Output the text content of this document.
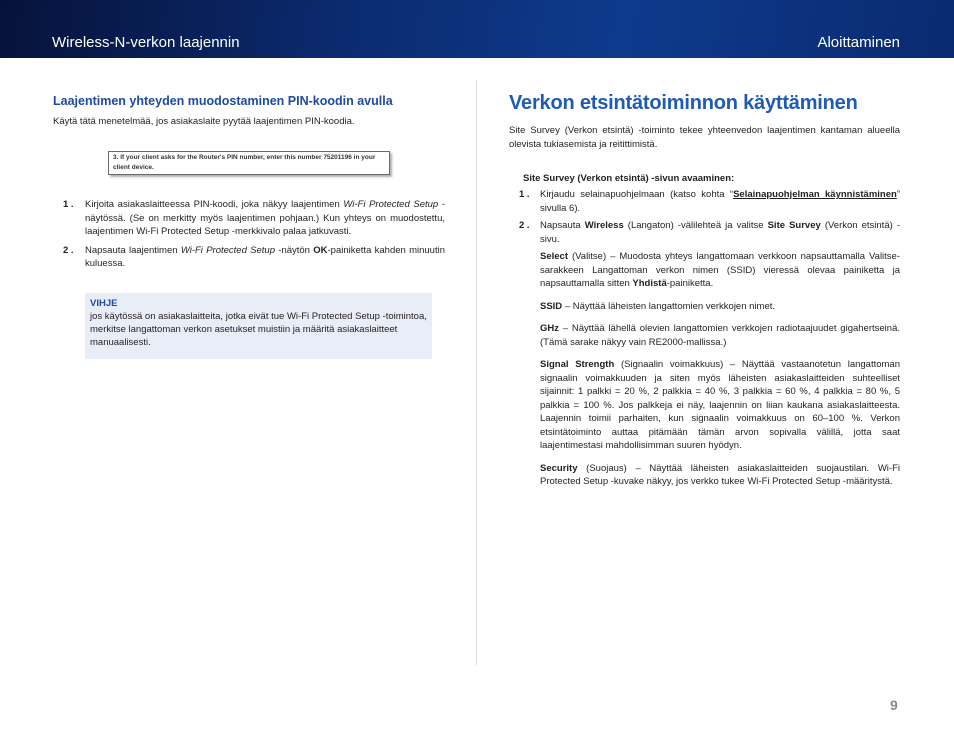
Wireless-N-verkon laajennin	Aloittaminen
Laajentimen yhteyden muodostaminen PIN-koodin avulla

Käytä tätä menetelmää, jos asiakaslaite pyytää laajentimen PIN-koodia.

3. If your client asks for the Router's PIN number, enter this number 75201196 in your client device.
1 . Kirjoita asiakaslaitteessa PIN-koodi, joka näkyy laajentimen Wi-Fi Protected Setup -näytössä. (Se on merkitty myös laajentimen pohjaan.) Kun yhteys on muodostettu, laajentimen Wi-Fi Protected Setup -merkkivalo palaa jatkuvasti.
2 . Napsauta laajentimen Wi-Fi Protected Setup -näytön OK-painiketta kahden minuutin kuluessa.
VIHJE
jos käytössä on asiakaslaitteita, jotka eivät tue Wi-Fi Protected Setup -toimintoa, merkitse langattoman verkon asetukset muistiin ja määritä asiakaslaitteet manuaalisesti.
Verkon etsintätoiminnon käyttäminen

Site Survey (Verkon etsintä) -toiminto tekee yhteenvedon laajentimen kantaman alueella olevista tukiasemista ja reitittimistä.

Site Survey (Verkon etsintä) -sivun avaaminen:
1 . Kirjaudu selainapuohjelmaan (katso kohta “Selainapuohjelman käynnistäminen” sivulla 6).
2 . Napsauta Wireless (Langaton) -välilehteä ja valitse Site Survey (Verkon etsintä) -sivu.

Select (Valitse) – Muodosta yhteys langattomaan verkkoon napsauttamalla Valitse-sarakkeen Langattoman verkon nimen (SSID) vieressä olevaa painiketta ja napsauttamalla sitten Yhdistä-painiketta.

SSID – Näyttää läheisten langattomien verkkojen nimet.

GHz – Näyttää lähellä olevien langattomien verkkojen radiotaajuudet gigahertseinä. (Tämä sarake näkyy vain RE2000-mallissa.)

Signal Strength (Signaalin voimakkuus) – Näyttää vastaanotetun langattoman signaalin voimakkuuden ja siten myös läheisten asiakaslaitteiden suhteelliset sijainnit: 1 palkki = 20 %, 2 palkkia = 40 %, 3 palkkia = 60 %, 4 palkkia = 80 %, 5 palkkia = 100 %. Jos palkkeja ei näy, laajennin on liian kaukana asiakaslaitteesta. Laajennin toimii parhaiten, kun signaalin voimakkuus on 60–100 %. Verkon etsintätoiminto auttaa pitämään tämän arvon sopivalla välillä, jotta saat laajentimestasi mahdollisimman suuren hyödyn.

Security (Suojaus) – Näyttää läheisten asiakaslaitteiden suojaustilan. Wi-Fi Protected Setup -kuvake näkyy, jos verkko tukee Wi-Fi Protected Setup -määritystä.

9
